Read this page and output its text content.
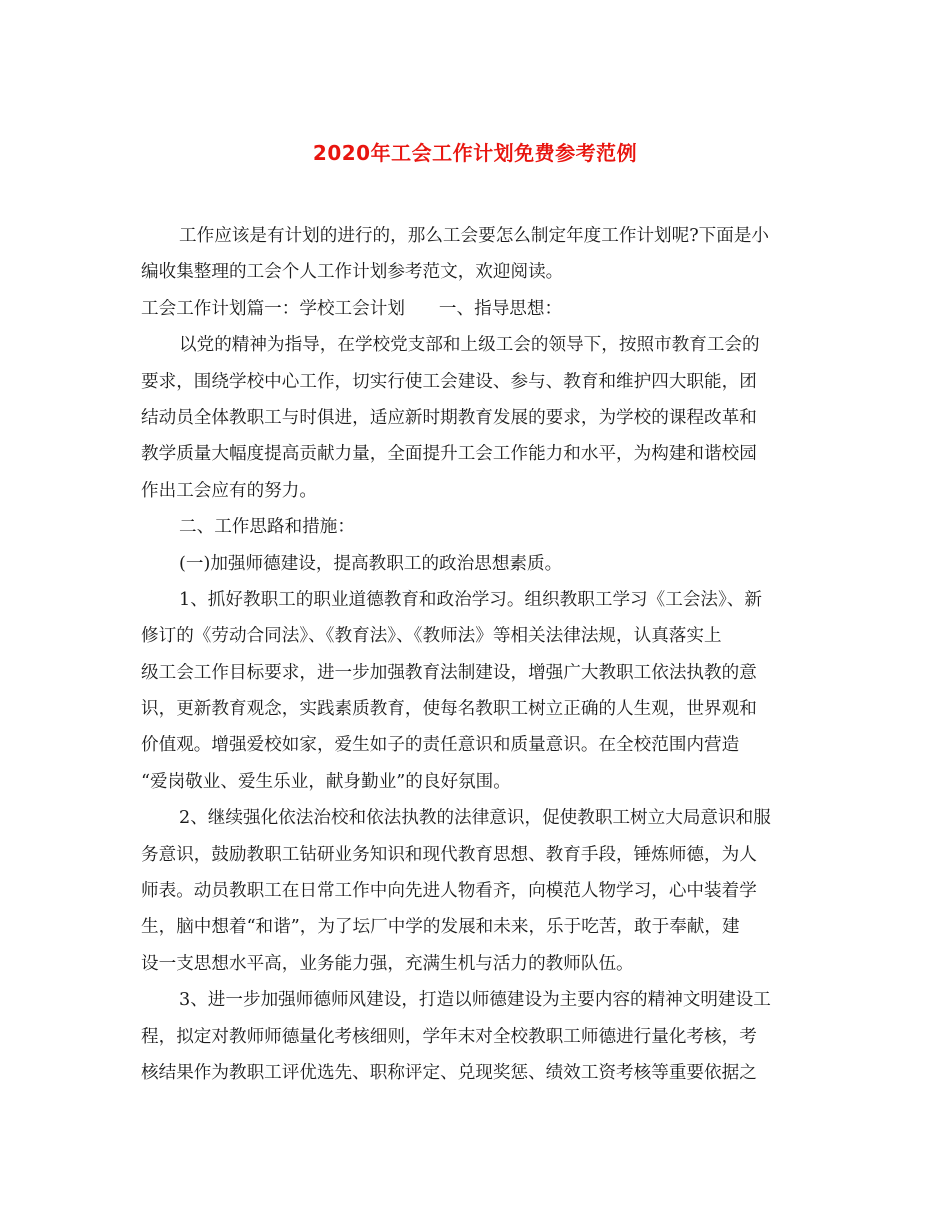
2020年工会工作计划免费参考范例
工作应该是有计划的进行的，那么工会要怎么制定年度工作计划呢?下面是小
编收集整理的工会个人工作计划参考范文，欢迎阅读。
工会工作计划篇一：学校工会计划 一、指导思想：
以党的精神为指导，在学校党支部和上级工会的领导下，按照市教育工会的
要求，围绕学校中心工作，切实行使工会建设、参与、教育和维护四大职能，团
结动员全体教职工与时俱进，适应新时期教育发展的要求，为学校的课程改革和
教学质量大幅度提高贡献力量，全面提升工会工作能力和水平，为构建和谐校园
作出工会应有的努力。
二、工作思路和措施：
(一)加强师德建设，提高教职工的政治思想素质。
1、抓好教职工的职业道德教育和政治学习。组织教职工学习《工会法》、新
修订的《劳动合同法》、《教育法》、《教师法》等相关法律法规，认真落实上
级工会工作目标要求，进一步加强教育法制建设，增强广大教职工依法执教的意
识，更新教育观念，实践素质教育，使每名教职工树立正确的人生观，世界观和
价值观。增强爱校如家，爱生如子的责任意识和质量意识。在全校范围内营造
“爱岗敬业、爱生乐业，献身勤业”的良好氛围。
2、继续强化依法治校和依法执教的法律意识，促使教职工树立大局意识和服
务意识，鼓励教职工钻研业务知识和现代教育思想、教育手段，锤炼师德，为人
师表。动员教职工在日常工作中向先进人物看齐，向模范人物学习，心中装着学
生，脑中想着“和谐”，为了坛厂中学的发展和未来，乐于吃苦，敢于奉献，建
设一支思想水平高，业务能力强，充满生机与活力的教师队伍。
3、进一步加强师德师风建设，打造以师德建设为主要内容的精神文明建设工
程，拟定对教师师德量化考核细则，学年末对全校教职工师德进行量化考核，考
核结果作为教职工评优选先、职称评定、兑现奖惩、绩效工资考核等重要依据之
